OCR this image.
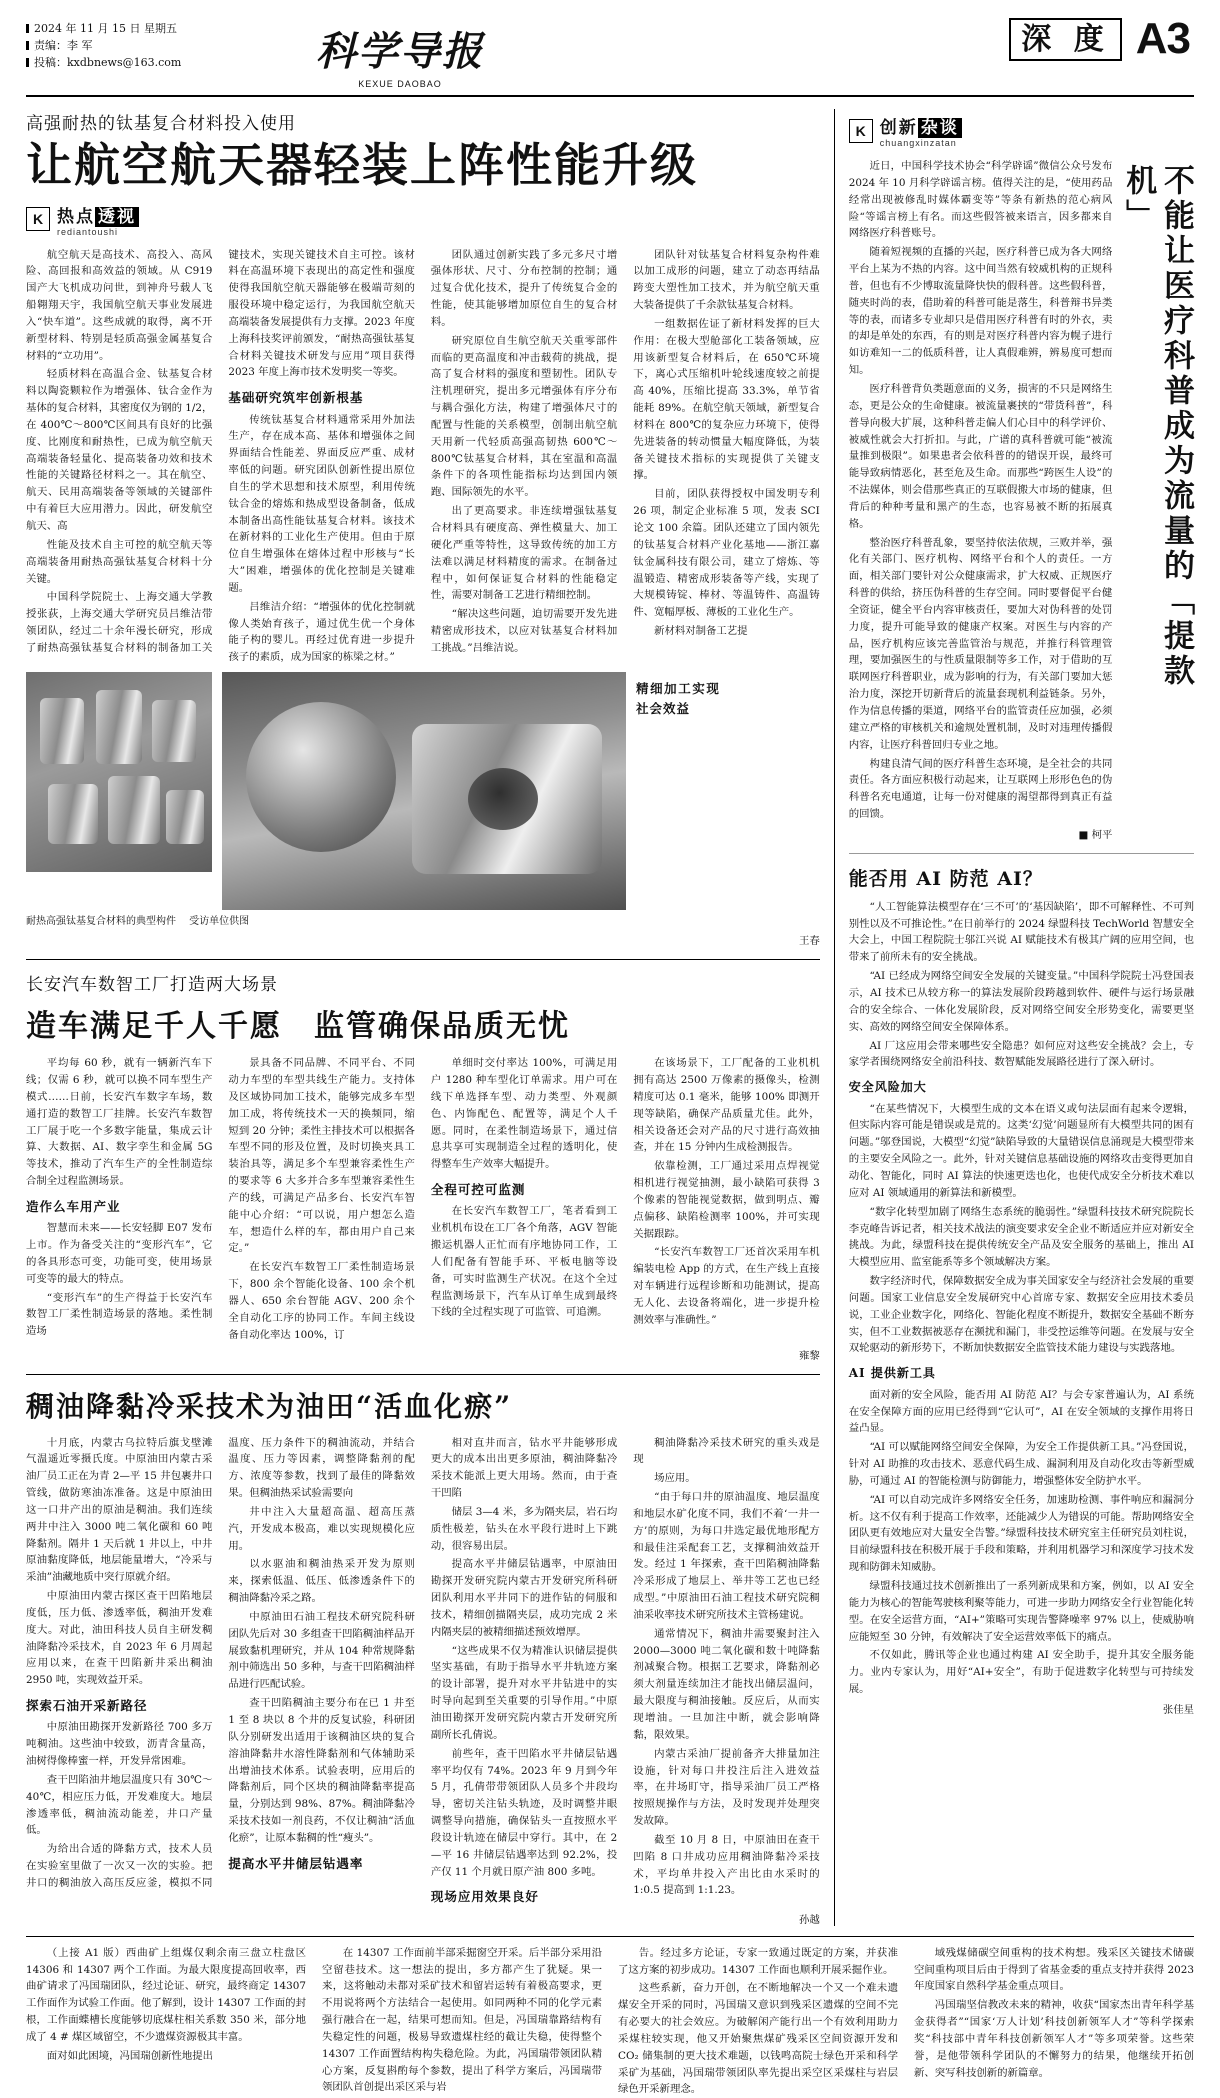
2024 年 11 月 15 日 星期五
责编：李 军
投稿：kxdbnews@163.com	科学导报
KEXUE DAOBAO
深 度 A3
高强耐热的钛基复合材料投入使用
让航空航天器轻装上阵性能升级
K 热点 透视
rediantoushi

航空航天是高技术、高投入、高风险、高回报和高效益的领域。从 C919 国产大飞机成功问世，到神舟号载人飞船翱翔天宇，我国航空航天事业发展进入“快车道”。这些成就的取得，离不开新型材料、特别是轻质高强金属基复合材料的“立功用”。

轻质材料在高温合金、钛基复合材料以陶瓷颗粒作为增强体、钛合金作为基体的复合材料，其密度仅为钢的 1/2，在 400℃～800℃区间具有良好的比强度、比刚度和耐热性，已成为航空航天高端装备轻量化、提高装备功效和技术性能的关键路径材料之一。其在航空、航天、民用高端装备等领域的关键部件中有着巨大应用潜力。因此，研发航空航天、高

性能及技术自主可控的航空航天等高端装备用耐热高强钛基复合材料十分关键。

中国科学院院士、上海交通大学教授张荻，上海交通大学研究员吕维洁带领团队，经过二十余年漫长研究，形成了耐热高强钛基复合材料的制备加工关键技术，实现关键技术自主可控。该材料在高温环境下表现出的高定性和强度使得我国航空航天器能够在极端苛刻的服役环境中稳定运行，为我国航空航天高端装备发展提供有力支撑。2023 年度上海科技奖评前颁发，“耐热高强钛基复合材料关键技术研发与应用”项目获得 2023 年度上海市技术发明奖一等奖。

基础研究筑牢创新根基

传统钛基复合材料通常采用外加法生产，存在成本高、基体和增强体之间界面结合性能差、界面反应严重、成材率低的问题。研究团队创新性提出原位自生的学术思想和技术原型，利用传统钛合金的熔炼和热成型设备制备，低成本制备出高性能钛基复合材料。该技术在新材料的工业化生产使用。但由于原位自生增强体在熔体过程中形核与“长大”困难，增强体的优化控制是关键难题。

吕维洁介绍：“增强体的优化控制就像人类始育孩子，通过优生优一个身体能子构的婴儿。再经过优育进一步提升孩子的素质，成为国家的栋梁之材。”

团队通过创新实践了多元多尺寸增强体形状、尺寸、分布控制的控制；通过复合优化技术，提升了传统复合金的性能，使其能够增加原位自生的复合材料。

研究原位自生航空航天关重零部件而临的更高温度和冲击载荷的挑战，提高了复合材料的强度和塑韧性。团队专注机理研究，提出多元增强体有序分布与耦合强化方法，构建了增强体尺寸的配置与性能的关系模型，创制出航空航天用新一代轻质高强高韧热 600℃～800℃钛基复合材料，其在室温和高温条件下的各项性能指标均达到国内领跑、国际领先的水平。

出了更高要求。非连续增强钛基复合材料具有硬度高、弹性模量大、加工硬化严重等特性，这导致传统的加工方法难以满足材料精度的需求。在制备过程中，如何保证复合材料的性能稳定性，需要对制备工艺进行精细控制。

“解决这些问题，迫切需要开发先进精密成形技术，以应对钛基复合材料加工挑战。”吕维洁说。

团队针对钛基复合材料复杂构件难以加工成形的问题，建立了动态再结晶跨变大塑性加工技术，并为航空航天重大装备提供了千余款钛基复合材料。

一组数据佐证了新材料发挥的巨大作用：在极大型舱部化工装备领域，应用该新型复合材料后，在 650℃环境下，离心式压缩机叶轮线速度较之前提高 40%，压缩比提高 33.3%，单节省能耗 89%。在航空航天领域，新型复合材料在 800℃的复杂应力环境下，使得先进装备的转动惯量大幅度降低，为装备关键技术指标的实现提供了关键支撑。

目前，团队获得授权中国发明专利 26 项，制定企业标准 5 项，发表 SCI 论文 100 余篇。团队还建立了国内领先的钛基复合材料产业化基地——浙江嘉钛金属科技有限公司，建立了熔炼、等温锻造、精密成形装备等产线，实现了大规模铸锭、棒材、等温铸件、高温铸件、宽幅厚板、薄板的工业化生产。

新材料对制备工艺提

精细加工实现社会效益

耐热高强钛基复合材料的典型构件 　受访单位供图
王春
长安汽车数智工厂打造两大场景
造车满足千人千愿　监管确保品质无忧

平均每 60 秒，就有一辆新汽车下线；仅需 6 秒，就可以换不同车型生产模式……日前，长安汽车数字车场，数通打造的数智工厂挂牌。长安汽车数智工厂展于吃一个多数字能量，集成云计算、大数据、AI、数字孪生和金属 5G 等技术，推动了汽车生产的全性制造综合制全过程监测场景。

造作么车用产业

智慧而未来——长安轻脚 E07 发布上市。作为备受关注的“变形汽车”，它的各具形态可变，功能可变，使用场景可变等的最大的特点。

“变形汽车”的生产得益于长安汽车数智工厂柔性制造场景的落地。柔性制造场

景具备不同品牌、不同平台、不同动力车型的车型共线生产能力。支持体及区域协同加工技术，能够完成多车型加工成，将传统技术一天的换频同，缩短到 20 分钟；柔性主排技术可以根据各车型不同的形及位置，及时切换夹具工装治具等，满足多个车型兼容柔性生产的要求等 6 大多并合多车型兼容柔性生产的线，可满足产品多台、长安汽车智能中心介绍：“可以说，用户想怎么造车，想造什么样的车，都由用户自己来定。”

在长安汽车数智工厂柔性制造场景下，800 余个智能化设备、100 余个机器人、650 余台智能 AGV、200 余个全自动化工序的协同工作。车间主线设备自动化率达 100%，订

单细时交付率达 100%，可满足用户 1280 种车型化订单需求。用户可在线下单选择车型、动力类型、外观颜色、内饰配色、配置等，满足个人千愿。同时，在柔性制造场景下，通过信息共享可实现制造全过程的透明化，使得整车生产效率大幅提升。

全程可控可监测

在长安汽车数智工厂，笔者看到工业机机布设在工厂各个角落，AGV 智能搬运机器人正忙而有序地协同工作，工人们配备有智能手环、平板电脑等设备，可实时监测生产状况。在这个全过程监测场景下，汽车从订单生成到最终下线的全过程实现了可监管、可追溯。

在该场景下，工厂配备的工业机机拥有高达 2500 万像素的摄像头，检测精度可达 0.1 毫米，能够 100% 即测开现等缺陷，确保产品质量尤佳。此外，相关设备还会对产品的尺寸进行高效抽查，并在 15 分钟内生成检测报告。

依靠检测，工厂通过采用点焊视觉相机进行视觉抽测，最小缺陷可获得 3 个像素的智能视觉数据，做到明点、瓣点偏移、缺陷检测率 100%，并可实现关据跟踪。

“长安汽车数智工厂还首次采用车机编装电检 App 的方式，在生产线上直接对车辆进行远程诊断和功能测试，提高无人化、去设备将端化，进一步提升检测效率与准确性。”

雍黎
稠油降黏冷采技术为油田“活血化瘀”

十月底，内蒙古乌拉特后旗戈壁滩气温遥近零摄氏度。中原油田内蒙古采油厂员工正在为青 2—平 15 井包裹井口管线，做防寒油冻准备。这是中原油田这一口井产出的原油是稠油。我们连续两井中注入 3000 吨二氧化碳和 60 吨降黏剂。隔井 1 天后就 1 井以上，中井原油黏度降低，地层能量增大，“冷采与采油”油藏地质中突行原就介绍。

中原油田内蒙古探区查干凹陷地层度低，压力低、渗透率低，稠油开发难度大。对此，油田科技人员自主研发稠油降黏冷采技术，自 2023 年 6 月周起应用以来，在查干凹陷新井采出稠油 2950 吨，实现效益开采。

探索石油开采新路径

中原油田勘探开发新路径 700 多万吨稠油。这些油中较致，沥青含量高，油树得像棒蜜一样，开发异常困难。

查干凹陷油井地层温度只有 30℃～40℃，相应压力低，开发难度大。地层渗透率低，稠油流动能差，井口产量低。

为给出合适的降黏方式，技术人员在实验室里做了一次又一次的实验。把井口的稠油放入高压反应釜，模拟不同温度、压力条件下的稠油流动，并结合温度、压力等因素，调整降黏剂的配方、浓度等参数，找到了最佳的降黏效果。但稠油热采试验需要向

井中注入大量超高温、超高压蒸汽，开发成本极高，难以实现规模化应用。

以水驱油和稠油热采开发为原则来，探索低温、低压、低渗透条件下的稠油降黏冷采之路。

中原油田石油工程技术研究院科研团队先后对 30 多组查干凹陷稠油样品开展致黏机理研究，并从 104 种常规降黏剂中筛选出 50 多种，与查干凹陷稠油样品进行匹配试验。

查干凹陷稠油主要分布在已 1 井至 1 至 8 块以 8 个井的反复试验，科研团队分别研发出适用于该稠油区块的复合溶油降黏井水溶性降黏剂和气体辅助采出增油技术体系。试验表明，应用后的降黏剂后，同个区块的稠油降黏率提高量，分别达到 98%、87%。稠油降黏冷采技术技如一剂良药，不仅让稠油“活血化瘀”，让原本黏稠的性“瘦头”。

提高水平井储层钻遇率

相对直井而言，钻水平井能够形成更大的成本出出更多原油，稠油降黏冷采技术能派上更大用场。然而，由于查干凹陷

储层 3—4 米，多为隔夹层，岩石均质性极差，钻头在水平段行进时上下跳动，很容易出层。

提高水平井储层钻遇率，中原油田勘探开发研究院内蒙古开发研究所科研团队利用水平井同下的进作钻的伺服和技术，精细创描隔夹层，成功完成 2 米内隔夹层的被精细描述预效增厚。

“这些成果不仅为精准认识储层提供坚实基础，有助于指导水平井轨迹方案的设计部署，提升对水平井钻进中的实时导向起到至关重要的引导作用。”中原油田勘探开发研究院内蒙古开发研究所副所长孔倩说。

前些年，查干凹陷水平井储层钻遇率平均仅有 74%。2023 年 9 月到今年 5 月，孔倩带带领团队人员多个井段均导，密切关注钻头轨迹，及时调整井眼调整导向措施，确保钻头一直按照水平段设计轨迹在储层中穿行。其中，在 2—平 16 井储层钻遇率达到 92.2%，投产仅 11 个月就日原产油 800 多吨。

现场应用效果良好

稠油降黏冷采技术研究的重头戏是现

场应用。

“由于每口井的原油温度、地层温度和地层水矿化度不同，我们不着‘一井一方’的原则，为每口井选定最优地形配方和最佳注采配套工艺，支撑稠油效益开发。经过 1 年探索，查干凹陷稠油降黏冷采形成了地层上、举井等工艺也已经成型。”中原油田石油工程技术研究院稠油采收率技术研究所技术主管杨建说。

通常情况下，稠油井需要聚封注入2000—3000 吨二氧化碳和数十吨降黏剂减聚合物。根据工艺要求，降黏剂必须大剂量连续加注才能找出储层温问，最大限度与稠油接触。反应后，从而实现增油。一旦加注中断，就会影响降黏，限效果。

内蒙古采油厂提前备齐大排量加注设施，针对每口井投注后注入进效益率，在井场盯守，指导采油厂员工严格按照规操作与方法，及时发现并处理突发故障。

截至 10 月 8 日，中原油田在查干凹陷 8 口井成功应用稠油降黏冷采技术，平均单井投入产出比由水采时的 1:0.5 提高到 1:1.23。

孙越
K 创新 杂谈
chuangxinzatan
不能让医疗科普成为流量的「提款机」

近日，中国科学技术协会“科学辟谣”微信公众号发布 2024 年 10 月科学辟谣言榜。值得关注的是，“使用药品经常出现被修乱时媒体霸变等”等条有新热的范心病风险“等谣言榜上有名。而这些假答被来语言，因多都来自网络医疗科普账号。

随着短视频的直播的兴起，医疗科普已成为各大网络平台上某为不热的内容。这中间当然有较威机构的正规科普，但也有不少博取流量降快快的假科普。这些假科普，随夹时尚的表，借助着的科普可能是落生，科普辩书异类等的表，而诸多专业却只是借用医疗科普有时的外衣，卖的却是单处的东西，有的则是对医疗科普内容为幌子进行如访难知一二的低质科普，让人真假难辨，辨易度可想而知。

医疗科普背负类题意面的义务，损害的不只是网络生态，更是公众的生命健康。被流量裹挟的“带货科普”，科普导向极大扩展，这种科普走偏人们心目中的科学评价、被威性就会大打折扣。与此，广谱的真科普就可能“被流量推到极限”。如果患者会依科普的的错误开误，最终可能导致病情恶化，甚至危及生命。而那些“跨医生人设”的不法媒体，则会借那些真正的互联假搬大市场的健康，但背后的种种考量和黑产的生态，也容易被不断的拓展真格。

整治医疗科普乱象，要坚持依法依规，三败并举，强化有关部门、医疗机构、网络平台和个人的责任。一方面，相关部门要针对公众健康需求，扩大权威、正规医疗科普的供给，挤压伪科普的生存空间。同时要督促平台健全资证，健全平台内容审核责任，要加大对伪科普的处罚力度，提升可能导致的健康产权案。对医生与内容的产品，医疗机构应该完善监管治与规范，并推行科管理管理，要加强医生的与性质量限制等多工作，对于借助的互联网医疗科普职业，成为影响的行为，有关部门要加大惩治力度，深挖开切新背后的流量套现机利益链条。另外，作为信息传播的渠道，网络平台的监管责任应加强，必须建立严格的审核机关和逾规处置机制，及时对违理传播假内容，让医疗科普回归专业之地。

构建良清气间的医疗科普生态环境，是全社会的共同责任。各方面应积极行动起来，让互联网上形形色色的伪科普名充电通道，让每一份对健康的渴望都得到真正有益的回馈。

■ 柯平
能否用 AI 防范 AI？

“人工智能算法模型存在‘三不可’的‘基因缺陷’，即不可解释性、不可判别性以及不可推论性。”在日前举行的 2024 绿盟科技 TechWorld 智慧安全大会上，中国工程院院士邬江兴说 AI 赋能技术有极其广阔的应用空间，也带来了前所未有的安全挑战。

“AI 已经成为网络空间安全发展的关键变量。”中国科学院院士冯登国表示，AI 技术已从较方称一的算法发展阶段跨越到软件、硬件与运行场景融合的安全综合、一体化发展阶段，反对网络空间安全形势变化，需要更坚实、高效的网络空间安全保障体系。

AI 厂这应用会带来哪些安全隐患？如何应对这些安全挑战？会上，专家学者围绕网络安全前沿科技、数智赋能发展路径进行了深入研讨。

安全风险加大

“在某些情况下，大模型生成的文本在语义或句法层面有起来令逻辑，但实际内容可能是错误或是荒的。这类‘幻觉’问题显所有大模型共同的困有问题。”邬登国说，大模型“幻觉”缺陷导致的大量错误信息涌现是大模型带来的主要安全风险之一。此外，针对关键信息基础设施的网络攻击变得更加自动化、智能化，同时 AI 算法的快速更迭也化，也使代成安全分析技术难以应对 AI 领域通用的新算法和新模型。

“数字化转型加剧了网络生态系统的脆弱性。”绿盟科技技术研究院院长李克峰告诉记者，相关技术战法的演变要求安全企业不断适应并应对新安全挑战。为此，绿盟科技在提供传统安全产品及安全服务的基础上，推出 AI 大模型应用、监室能系等多个领域解决方案。

数字经济时代，保障数据安全成为事关国家安全与经济社会发展的重要问题。国家工业信息安全发展研究中心首席专家、数据安全应用技术委员说，工业企业数字化，网络化、智能化程度不断提升，数据安全基础不断夯实，但不工业数据被恶存在濒扰和漏门，非受控运维等问题。在发展与安全双轮驱动的新形势下，不断加快数据安全监管技术能力建设与实践落地。

AI 提供新工具

面对新的安全风险，能否用 AI 防范 AI？与会专家普遍认为，AI 系统在安全保障方面的应用已经得到“它认可”，AI 在安全领域的支撑作用将日益凸显。

“AI 可以赋能网络空间安全保障，为安全工作提供新工具。”冯登国说，针对 AI 助推的攻击技术、恶意代码生成、漏洞利用及自动化攻击等新型威胁，可通过 AI 的智能检测与防御能力，增强整体安全防护水平。

“AI 可以自动完成许多网络安全任务，加速助检测、事件响应和漏洞分析。这不仅有利于提高工作效率，还能减少人为错误的可能。帮助网络安全团队更有效地应对大量安全告警。”绿盟科技技术研究室主任研究员刘柱说，目前绿盟科技在积极开展于手段和策略，并利用机器学习和深度学习技术发现和防御未知威胁。

绿盟科技通过技术创新推出了一系列新成果和方案，例如，以 AI 安全能力为核心的智能驾驶核利聚等能力，可进一步助力网络安全行业智能化转型。在安全运营方面，“AI+”策略可实现告警降噪率 97% 以上，使威胁响应能短至 30 分钟，有效解决了安全运营效率低下的痛点。

不仅如此，腾讯等企业也通过构建 AI 安全助手，提升其安全服务能力。业内专家认为，用好“AI+安全”，有助于促进数字化转型与可持续发展。

张佳星

（上接 A1 版）西曲矿上组煤仅剩余南三盘立柱盘区 14306 和 14307 两个工作面。为最大限度提高回收率，西曲矿请求了冯国瑞团队，经过论证、研究，最终商定 14307 工作面作为试验工作面。他了解到，设计 14307 工作面的封根，工作面蝶槽长度能够切底煤柱相关系数 350 米，部分地成了 4 # 煤区域留空，不少遗煤资源极其丰富。

面对如此困境，冯国瑞创新性地提出

在 14307 工作面前半部采掘窗空开采。后半部分采用沿空留巷技术。这一想法的提出，多方都产生了犹疑。果一来，这将触动未都对采矿技术和留岩运转有着极高要求，更不用说将两个方法结合一起使用。如同两种不同的化学元素强行融合在一起，结果可想而知。但是，冯国瑞靠路结构有失稳定性的问题，极易导致遗煤柱经的截让失稳，使得整个 14307 工作面置结构构失稳危险。为此，冯国瑞带领团队精心方案，反复斟酌每个参数，提出了科学方案后，冯国瑞带领团队首创提出采区采与岩

告。经过多方论证，专家一致通过既定的方案，并获准了这方案的初步成功。14307 工作面也顺利开展采掘作业。

这些系新，奋力开创，在不断地解决一个又一个难未遗煤安全开采的同时，冯国瑞又意识到残采区遗煤的空间不完有必要大的社会效应。为破解闲产能行出一个有效利用助力采煤柱较实现，他又开始聚焦煤矿残采区空间资源开发和 CO₂ 储集制的更大技术难题，以钱鸣高院士绿色开采和科学采矿为基础，冯国瑞带领团队率先提出采空区采煤柱与岩层绿色开采新理念。

域残煤储碳空间重构的技术构想。残采区关键技术储碳空间重构项目后由于得到了省基金委的重点支持并获得 2023 年度国家自然科学基金重点项目。

冯国瑞坚信教改未来的精神，收获“国家杰出青年科学基金获得者”“国家‘万人计划’科技创新领军人才”等科学探索奖“科技部中青年科技创新领军人才”等多项荣誉。这些荣誉，是他带领科学团队的不懈努力的结果，他继续开拓创新、突写科技创新的新篇章。
